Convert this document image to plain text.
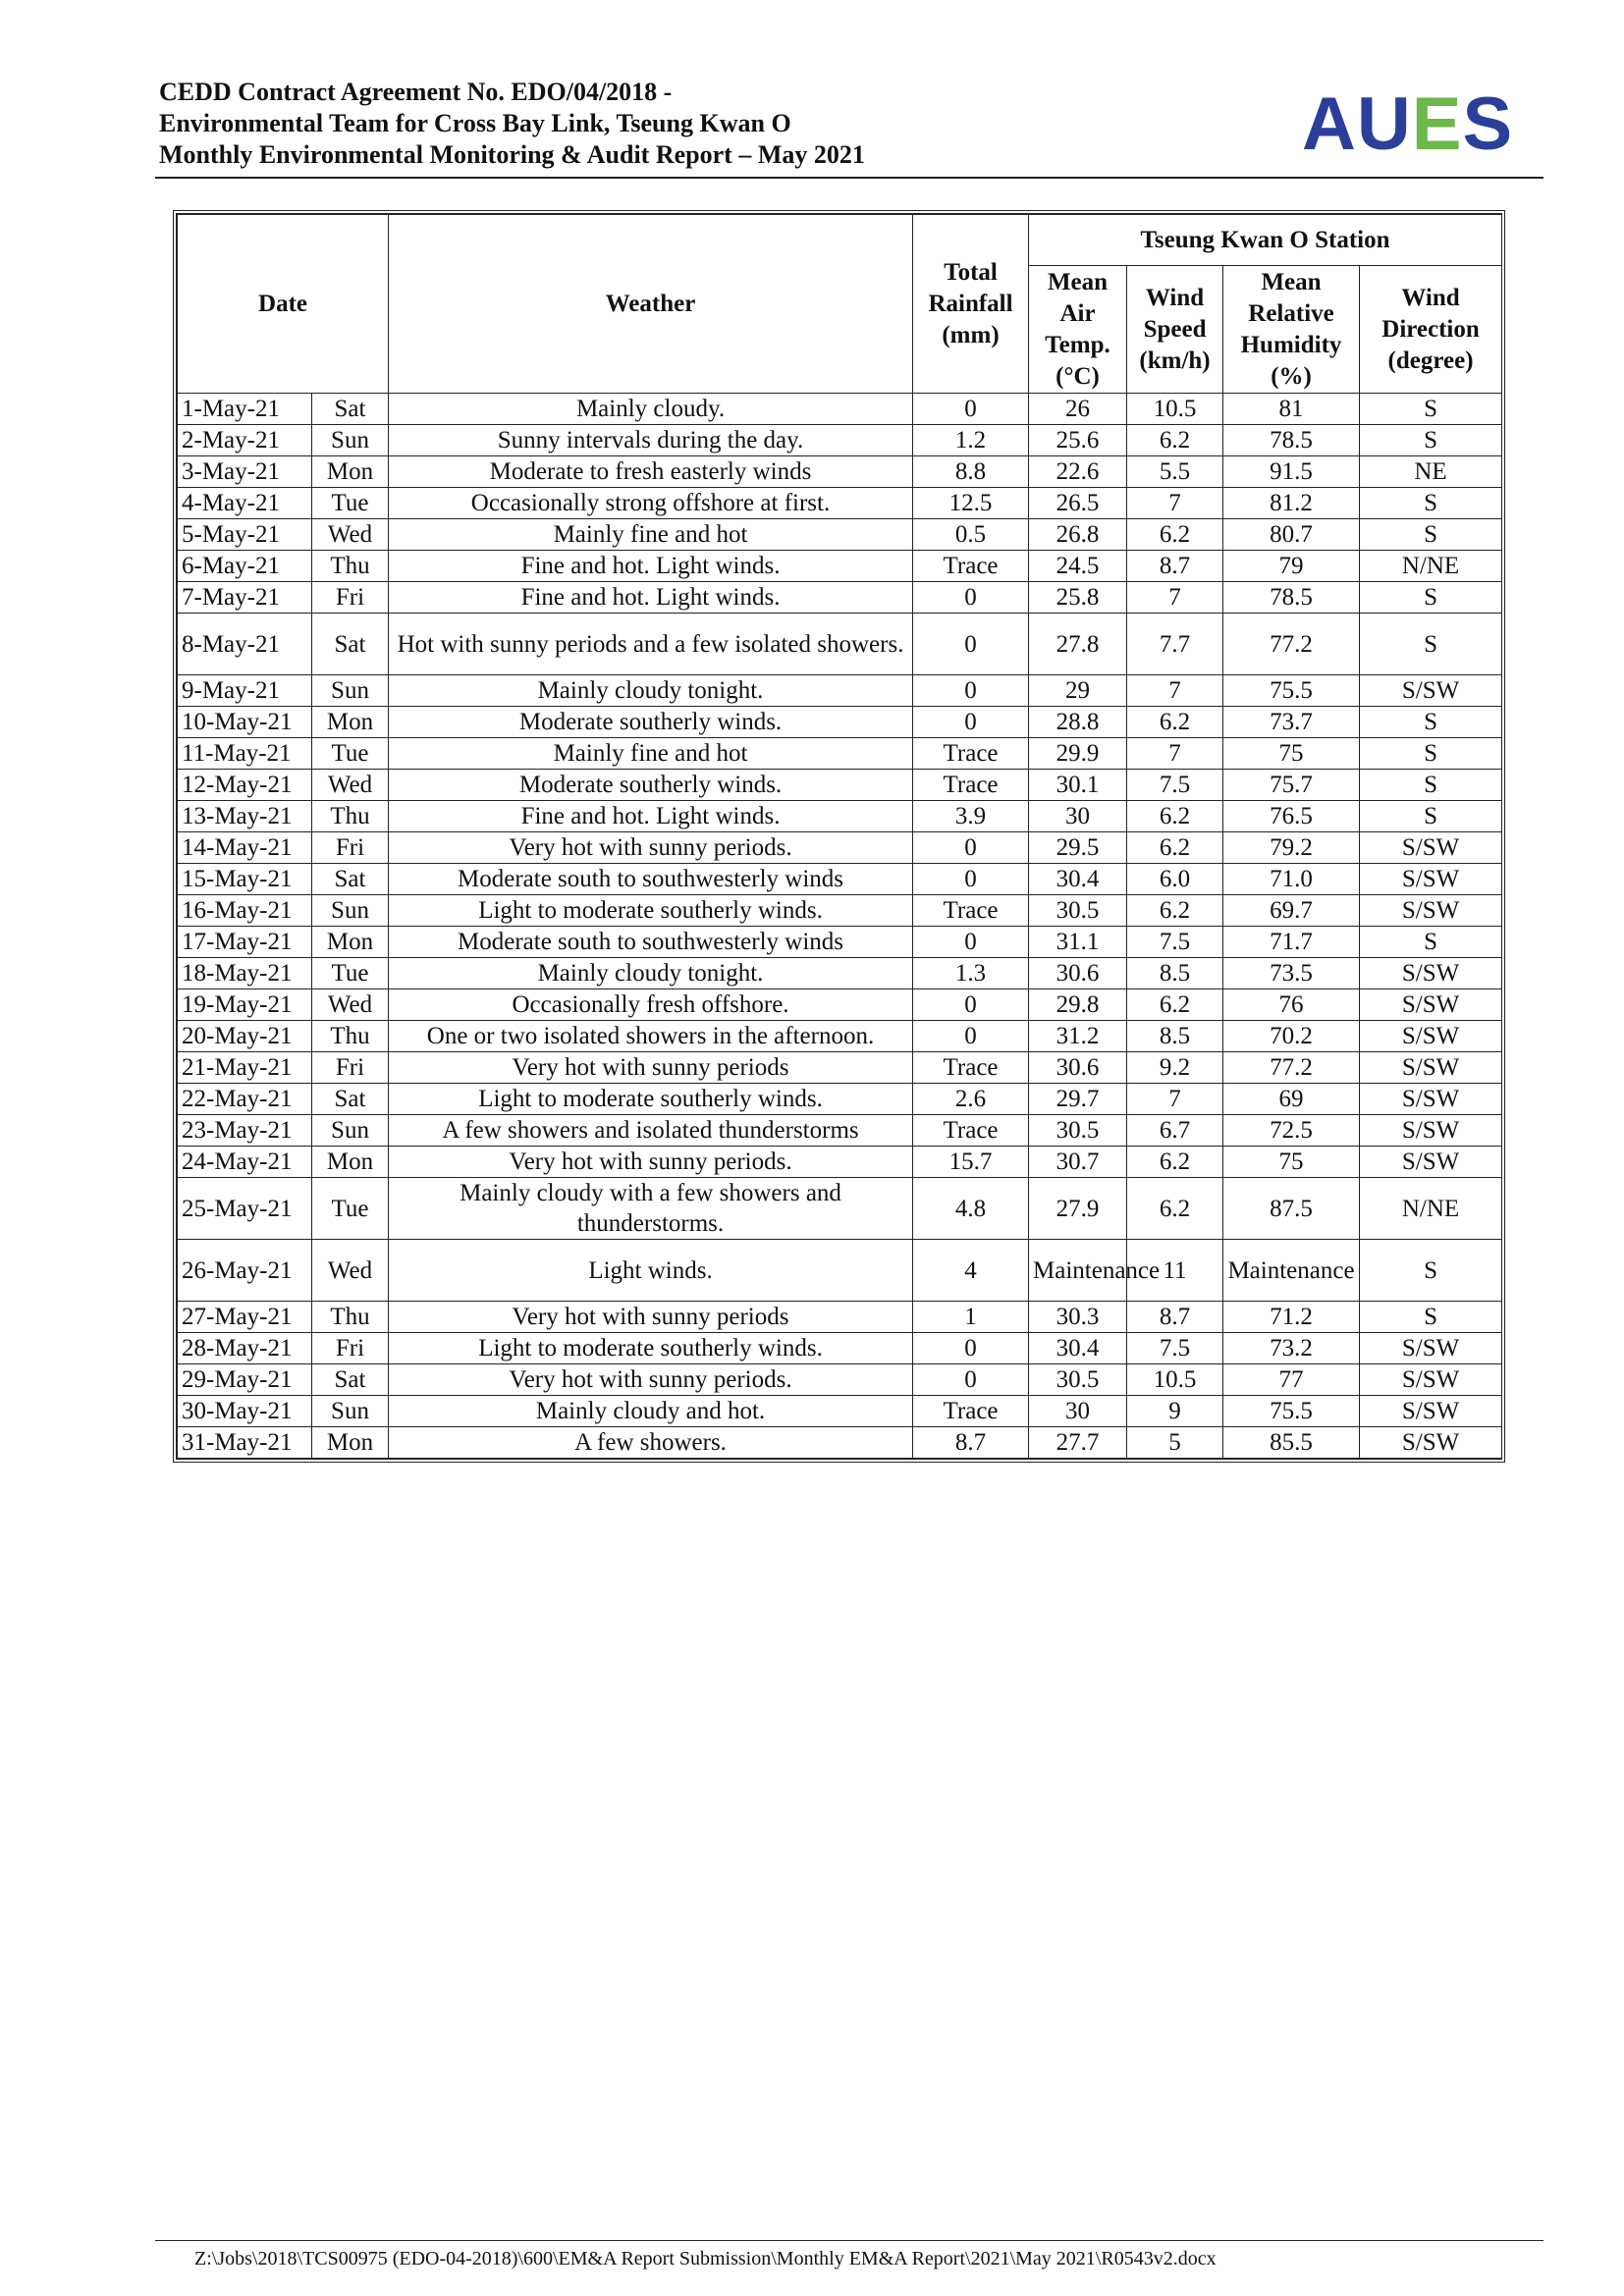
CEDD Contract Agreement No. EDO/04/2018 -
Environmental Team for Cross Bay Link, Tseung Kwan O
Monthly Environmental Monitoring & Audit Report – May 2021	AUES
Date		Weather	Total Rainfall (mm)	Tseung Kwan O Station			
				Mean Air Temp. (°C)	Wind Speed (km/h)	Mean Relative Humidity (%)	Wind Direction (degree)
1-May-21	Sat	Mainly cloudy.	0	26	10.5	81	S
2-May-21	Sun	Sunny intervals during the day.	1.2	25.6	6.2	78.5	S
3-May-21	Mon	Moderate to fresh easterly winds	8.8	22.6	5.5	91.5	NE
4-May-21	Tue	Occasionally strong offshore at first.	12.5	26.5	7	81.2	S
5-May-21	Wed	Mainly fine and hot	0.5	26.8	6.2	80.7	S
6-May-21	Thu	Fine and hot. Light winds.	Trace	24.5	8.7	79	N/NE
7-May-21	Fri	Fine and hot. Light winds.	0	25.8	7	78.5	S
8-May-21	Sat	Hot with sunny periods and a few isolated showers.	0	27.8	7.7	77.2	S
9-May-21	Sun	Mainly cloudy tonight.	0	29	7	75.5	S/SW
10-May-21	Mon	Moderate southerly winds.	0	28.8	6.2	73.7	S
11-May-21	Tue	Mainly fine and hot	Trace	29.9	7	75	S
12-May-21	Wed	Moderate southerly winds.	Trace	30.1	7.5	75.7	S
13-May-21	Thu	Fine and hot. Light winds.	3.9	30	6.2	76.5	S
14-May-21	Fri	Very hot with sunny periods.	0	29.5	6.2	79.2	S/SW
15-May-21	Sat	Moderate south to southwesterly winds	0	30.4	6.0	71.0	S/SW
16-May-21	Sun	Light to moderate southerly winds.	Trace	30.5	6.2	69.7	S/SW
17-May-21	Mon	Moderate south to southwesterly winds	0	31.1	7.5	71.7	S
18-May-21	Tue	Mainly cloudy tonight.	1.3	30.6	8.5	73.5	S/SW
19-May-21	Wed	Occasionally fresh offshore.	0	29.8	6.2	76	S/SW
20-May-21	Thu	One or two isolated showers in the afternoon.	0	31.2	8.5	70.2	S/SW
21-May-21	Fri	Very hot with sunny periods	Trace	30.6	9.2	77.2	S/SW
22-May-21	Sat	Light to moderate southerly winds.	2.6	29.7	7	69	S/SW
23-May-21	Sun	A few showers and isolated thunderstorms	Trace	30.5	6.7	72.5	S/SW
24-May-21	Mon	Very hot with sunny periods.	15.7	30.7	6.2	75	S/SW
25-May-21	Tue	Mainly cloudy with a few showers and thunderstorms.	4.8	27.9	6.2	87.5	N/NE
26-May-21	Wed	Light winds.	4	Maintenance	11	Maintenance	S
27-May-21	Thu	Very hot with sunny periods	1	30.3	8.7	71.2	S
28-May-21	Fri	Light to moderate southerly winds.	0	30.4	7.5	73.2	S/SW
29-May-21	Sat	Very hot with sunny periods.	0	30.5	10.5	77	S/SW
30-May-21	Sun	Mainly cloudy and hot.	Trace	30	9	75.5	S/SW
31-May-21	Mon	A few showers.	8.7	27.7	5	85.5	S/SW
Z:\Jobs\2018\TCS00975 (EDO-04-2018)\600\EM&A Report Submission\Monthly EM&A Report\2021\May 2021\R0543v2.docx
